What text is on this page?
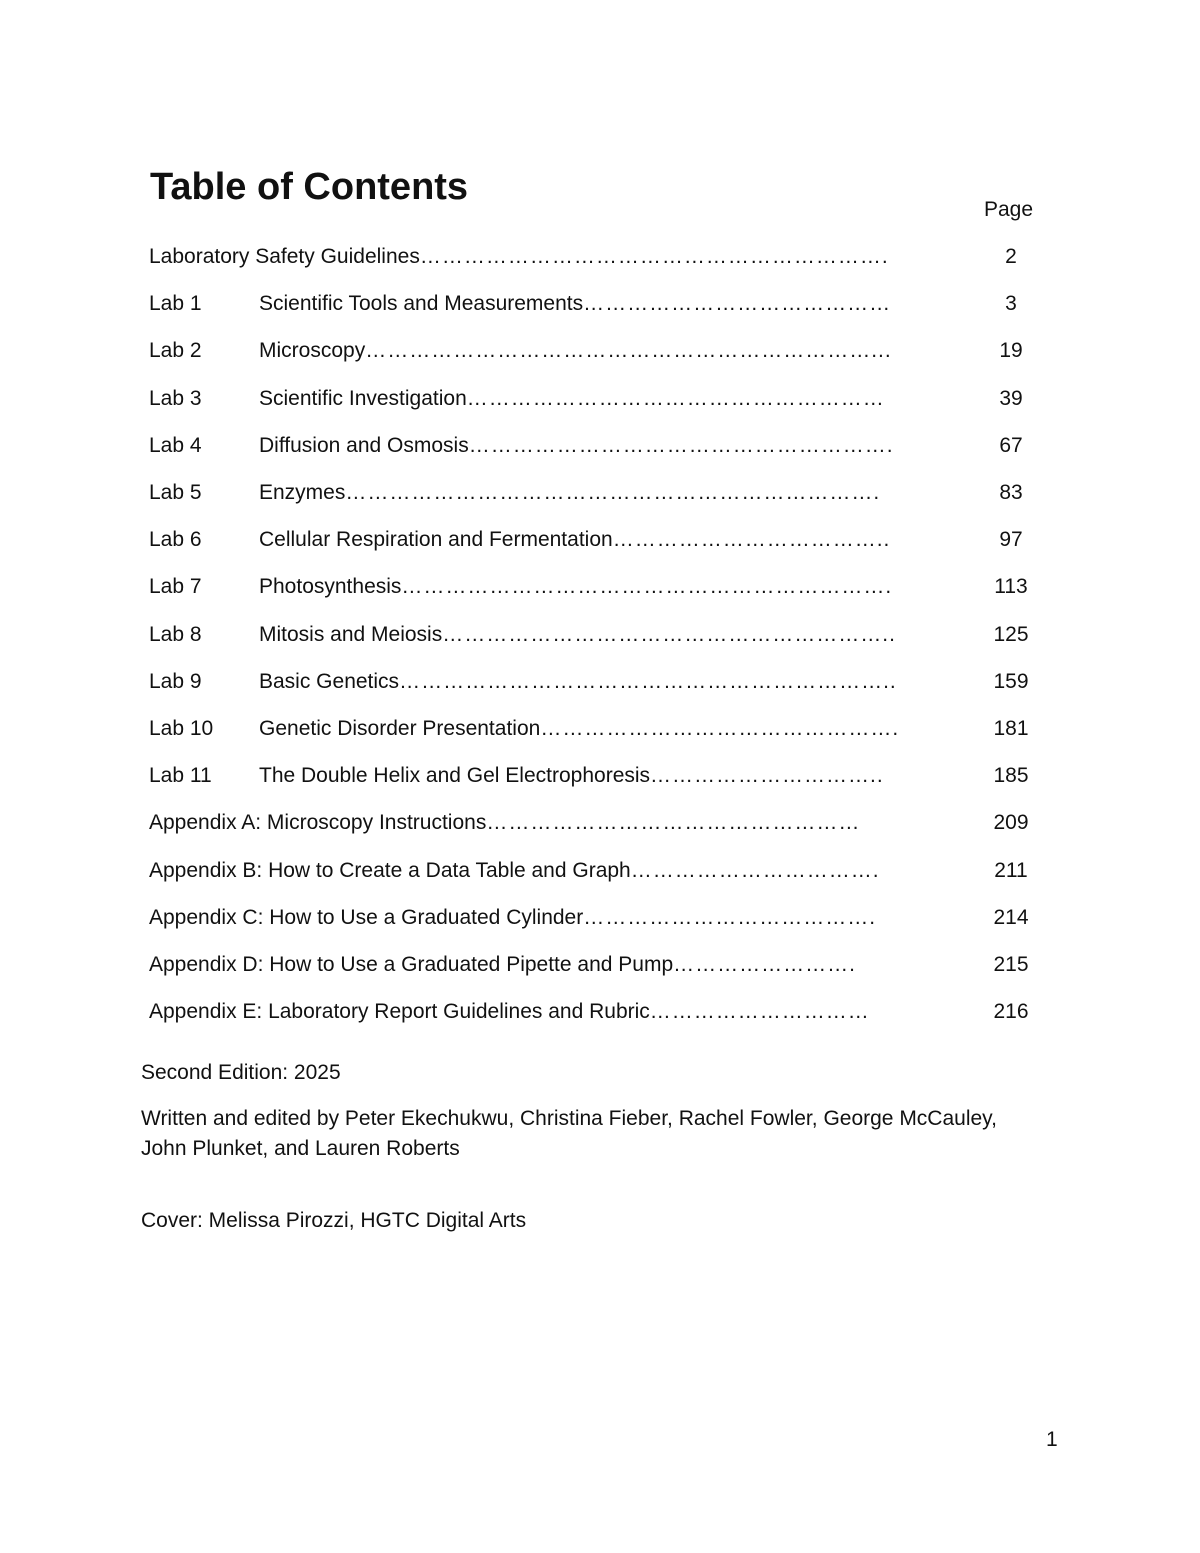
Table of Contents
Page
Laboratory Safety Guidelines……………………………………………………….	2
Lab 1	Scientific Tools and Measurements……………………………………	3
Lab 2	Microscopy……………………………………………………………...	19
Lab 3	Scientific Investigation…………………………………………………	39
Lab 4	Diffusion and Osmosis………………………………………………….	67
Lab 5	Enzymes……………………………………………………………….	83
Lab 6	Cellular Respiration and Fermentation………………………………..	97
Lab 7	Photosynthesis………………………………………………………….	113
Lab 8	Mitosis and Meiosis……………………………………………………..	125
Lab 9	Basic Genetics…………………………………………………………..	159
Lab 10 Genetic Disorder Presentation………………………………………….	181
Lab 11 The Double Helix and Gel Electrophoresis…………………………..	185
Appendix A: Microscopy Instructions……………………………………………	209
Appendix B: How to Create a Data Table and Graph…………………………….	211
Appendix C: How to Use a Graduated Cylinder………………………………….	214
Appendix D: How to Use a Graduated Pipette and Pump…………………….	215
Appendix E: Laboratory Report Guidelines and Rubric…………………………	216
Second Edition: 2025
Written and edited by Peter Ekechukwu, Christina Fieber, Rachel Fowler, George McCauley, John Plunket, and Lauren Roberts
Cover: Melissa Pirozzi, HGTC Digital Arts
1
